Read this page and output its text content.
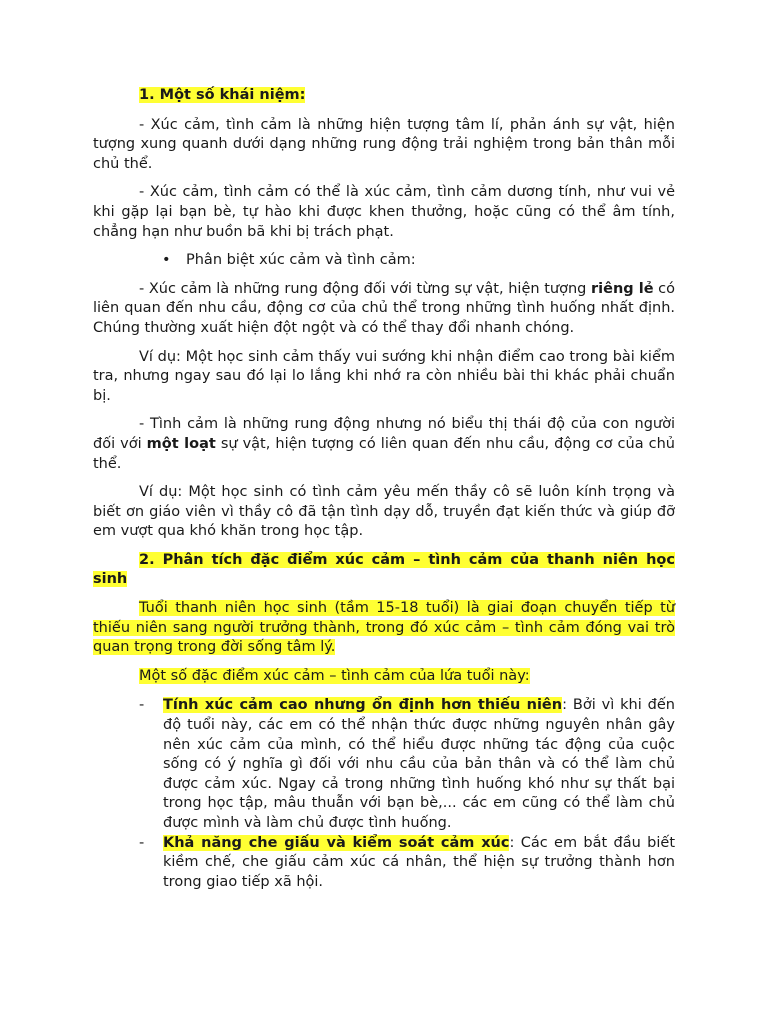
1. Một số khái niệm:

- Xúc cảm, tình cảm là những hiện tượng tâm lí, phản ánh sự vật, hiện tượng xung quanh dưới dạng những rung động trải nghiệm trong bản thân mỗi chủ thể.

- Xúc cảm, tình cảm có thể là xúc cảm, tình cảm dương tính, như vui vẻ khi gặp lại bạn bè, tự hào khi được khen thưởng, hoặc cũng có thể âm tính, chẳng hạn như buồn bã khi bị trách phạt.

• Phân biệt xúc cảm và tình cảm:

- Xúc cảm là những rung động đối với từng sự vật, hiện tượng riêng lẻ có liên quan đến nhu cầu, động cơ của chủ thể trong những tình huống nhất định. Chúng thường xuất hiện đột ngột và có thể thay đổi nhanh chóng.

Ví dụ: Một học sinh cảm thấy vui sướng khi nhận điểm cao trong bài kiểm tra, nhưng ngay sau đó lại lo lắng khi nhớ ra còn nhiều bài thi khác phải chuẩn bị.

- Tình cảm là những rung động nhưng nó biểu thị thái độ của con người đối với một loạt sự vật, hiện tượng có liên quan đến nhu cầu, động cơ của chủ thể.

Ví dụ: Một học sinh có tình cảm yêu mến thầy cô sẽ luôn kính trọng và biết ơn giáo viên vì thầy cô đã tận tình dạy dỗ, truyền đạt kiến thức và giúp đỡ em vượt qua khó khăn trong học tập.

2. Phân tích đặc điểm xúc cảm – tình cảm của thanh niên học sinh

Tuổi thanh niên học sinh (tầm 15-18 tuổi) là giai đoạn chuyển tiếp từ thiếu niên sang người trưởng thành, trong đó xúc cảm – tình cảm đóng vai trò quan trọng trong đời sống tâm lý.

Một số đặc điểm xúc cảm – tình cảm của lứa tuổi này:

- Tính xúc cảm cao nhưng ổn định hơn thiếu niên: Bởi vì khi đến độ tuổi này, các em có thể nhận thức được những nguyên nhân gây nên xúc cảm của mình, có thể hiểu được những tác động của cuộc sống có ý nghĩa gì đối với nhu cầu của bản thân và có thể làm chủ được cảm xúc. Ngay cả trong những tình huống khó như sự thất bại trong học tập, mâu thuẫn với bạn bè,... các em cũng có thể làm chủ được mình và làm chủ được tình huống.
- Khả năng che giấu và kiểm soát cảm xúc: Các em bắt đầu biết kiềm chế, che giấu cảm xúc cá nhân, thể hiện sự trưởng thành hơn trong giao tiếp xã hội.
